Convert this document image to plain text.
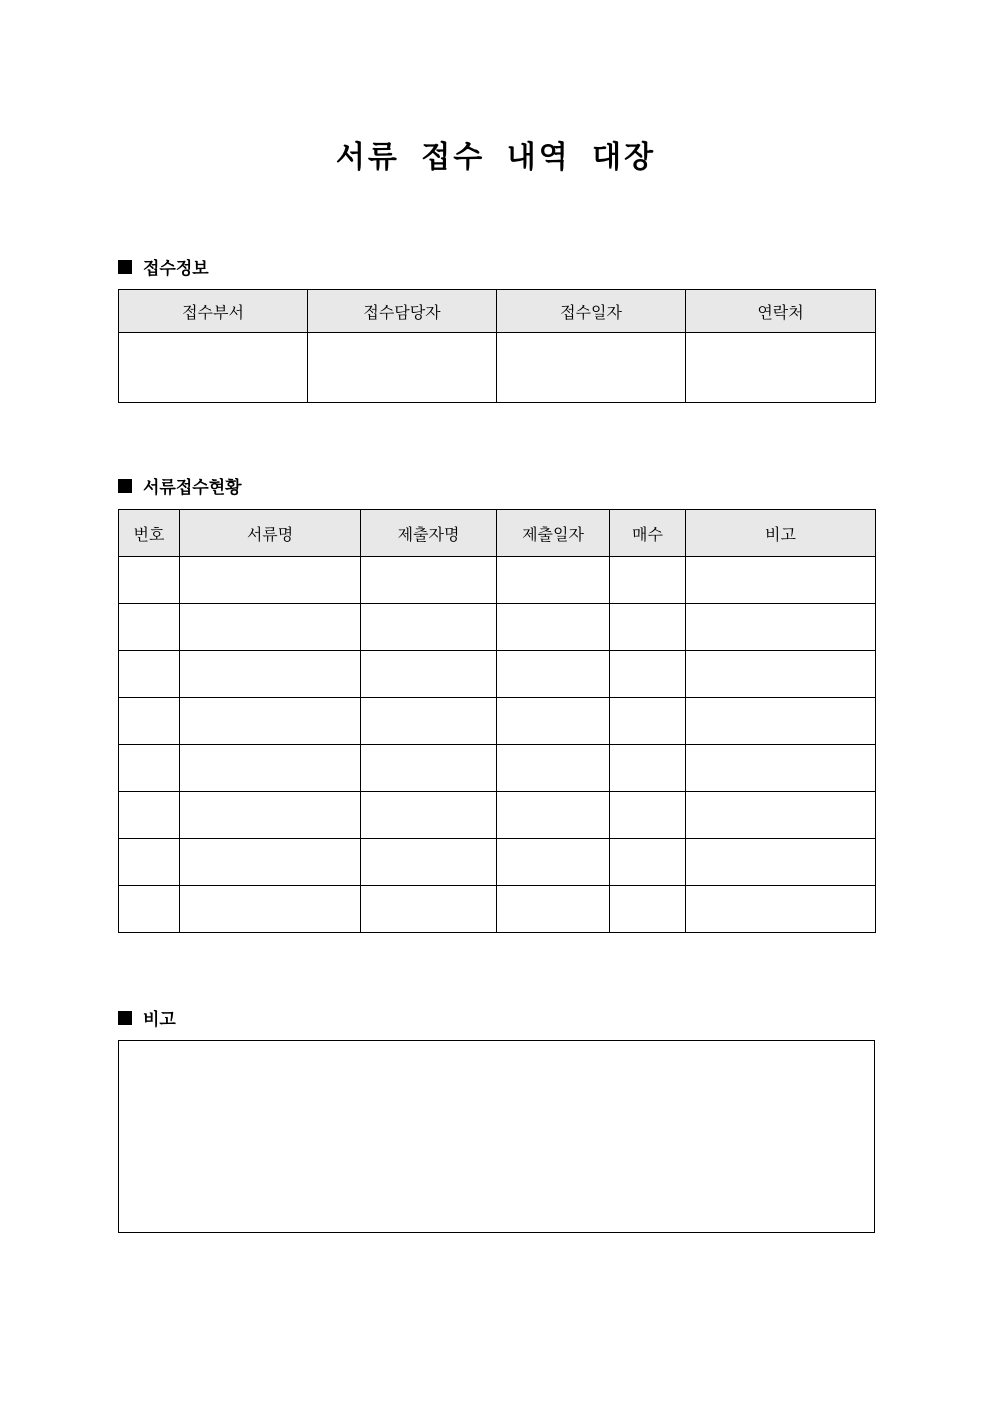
서류 접수 내역 대장
접수정보
접수부서	접수담당자	접수일자	연락처

서류접수현황
번호	서류명	제출자명	제출일자	매수	비고

비고
